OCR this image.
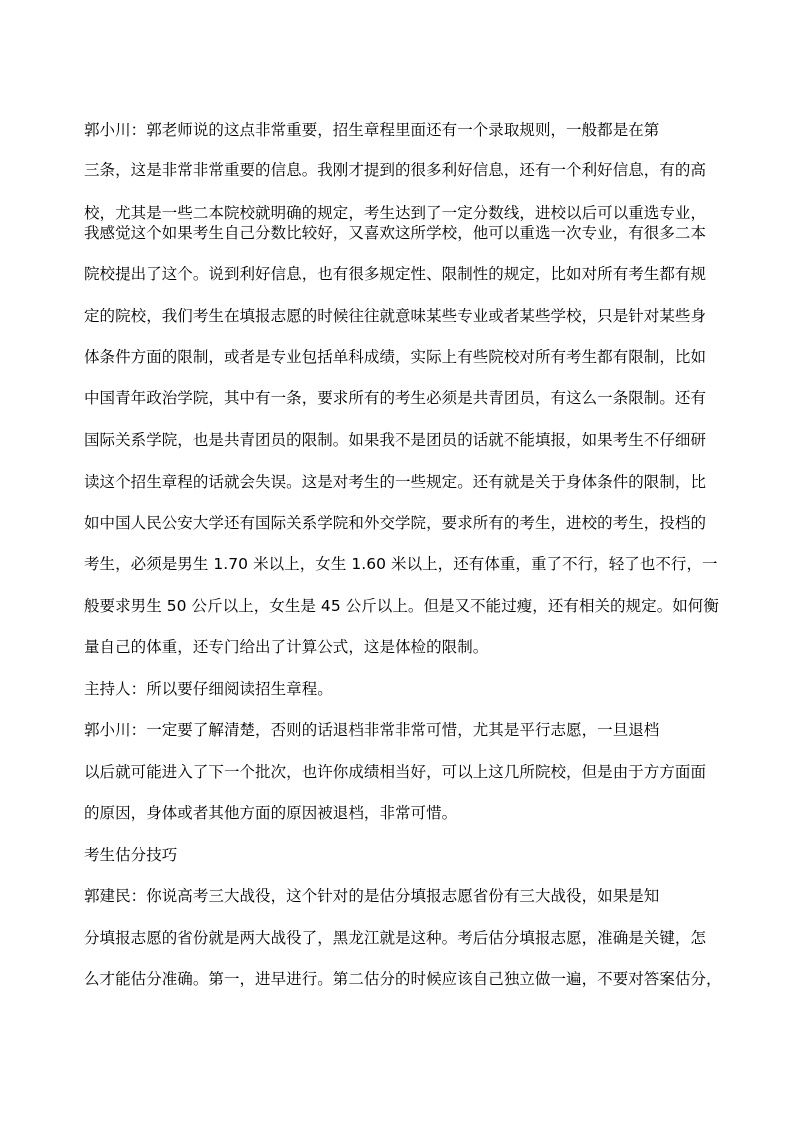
郭小川：郭老师说的这点非常重要，招生章程里面还有一个录取规则，一般都是在第
三条，这是非常非常重要的信息。我刚才提到的很多利好信息，还有一个利好信息，有的高
校，尤其是一些二本院校就明确的规定，考生达到了一定分数线，进校以后可以重选专业，
我感觉这个如果考生自己分数比较好，又喜欢这所学校，他可以重选一次专业，有很多二本
院校提出了这个。说到利好信息，也有很多规定性、限制性的规定，比如对所有考生都有规
定的院校，我们考生在填报志愿的时候往往就意味某些专业或者某些学校，只是针对某些身
体条件方面的限制，或者是专业包括单科成绩，实际上有些院校对所有考生都有限制，比如
中国青年政治学院，其中有一条，要求所有的考生必须是共青团员，有这么一条限制。还有
国际关系学院，也是共青团员的限制。如果我不是团员的话就不能填报，如果考生不仔细研
读这个招生章程的话就会失误。这是对考生的一些规定。还有就是关于身体条件的限制，比
如中国人民公安大学还有国际关系学院和外交学院，要求所有的考生，进校的考生，投档的
考生，必须是男生 1.70 米以上，女生 1.60 米以上，还有体重，重了不行，轻了也不行，一
般要求男生 50 公斤以上，女生是 45 公斤以上。但是又不能过瘦，还有相关的规定。如何衡
量自己的体重，还专门给出了计算公式，这是体检的限制。
主持人：所以要仔细阅读招生章程。
郭小川：一定要了解清楚，否则的话退档非常非常可惜，尤其是平行志愿，一旦退档
以后就可能进入了下一个批次，也许你成绩相当好，可以上这几所院校，但是由于方方面面
的原因，身体或者其他方面的原因被退档，非常可惜。
考生估分技巧
郭建民：你说高考三大战役，这个针对的是估分填报志愿省份有三大战役，如果是知
分填报志愿的省份就是两大战役了，黑龙江就是这种。考后估分填报志愿，准确是关键，怎
么才能估分准确。第一，进早进行。第二估分的时候应该自己独立做一遍，不要对答案估分，
